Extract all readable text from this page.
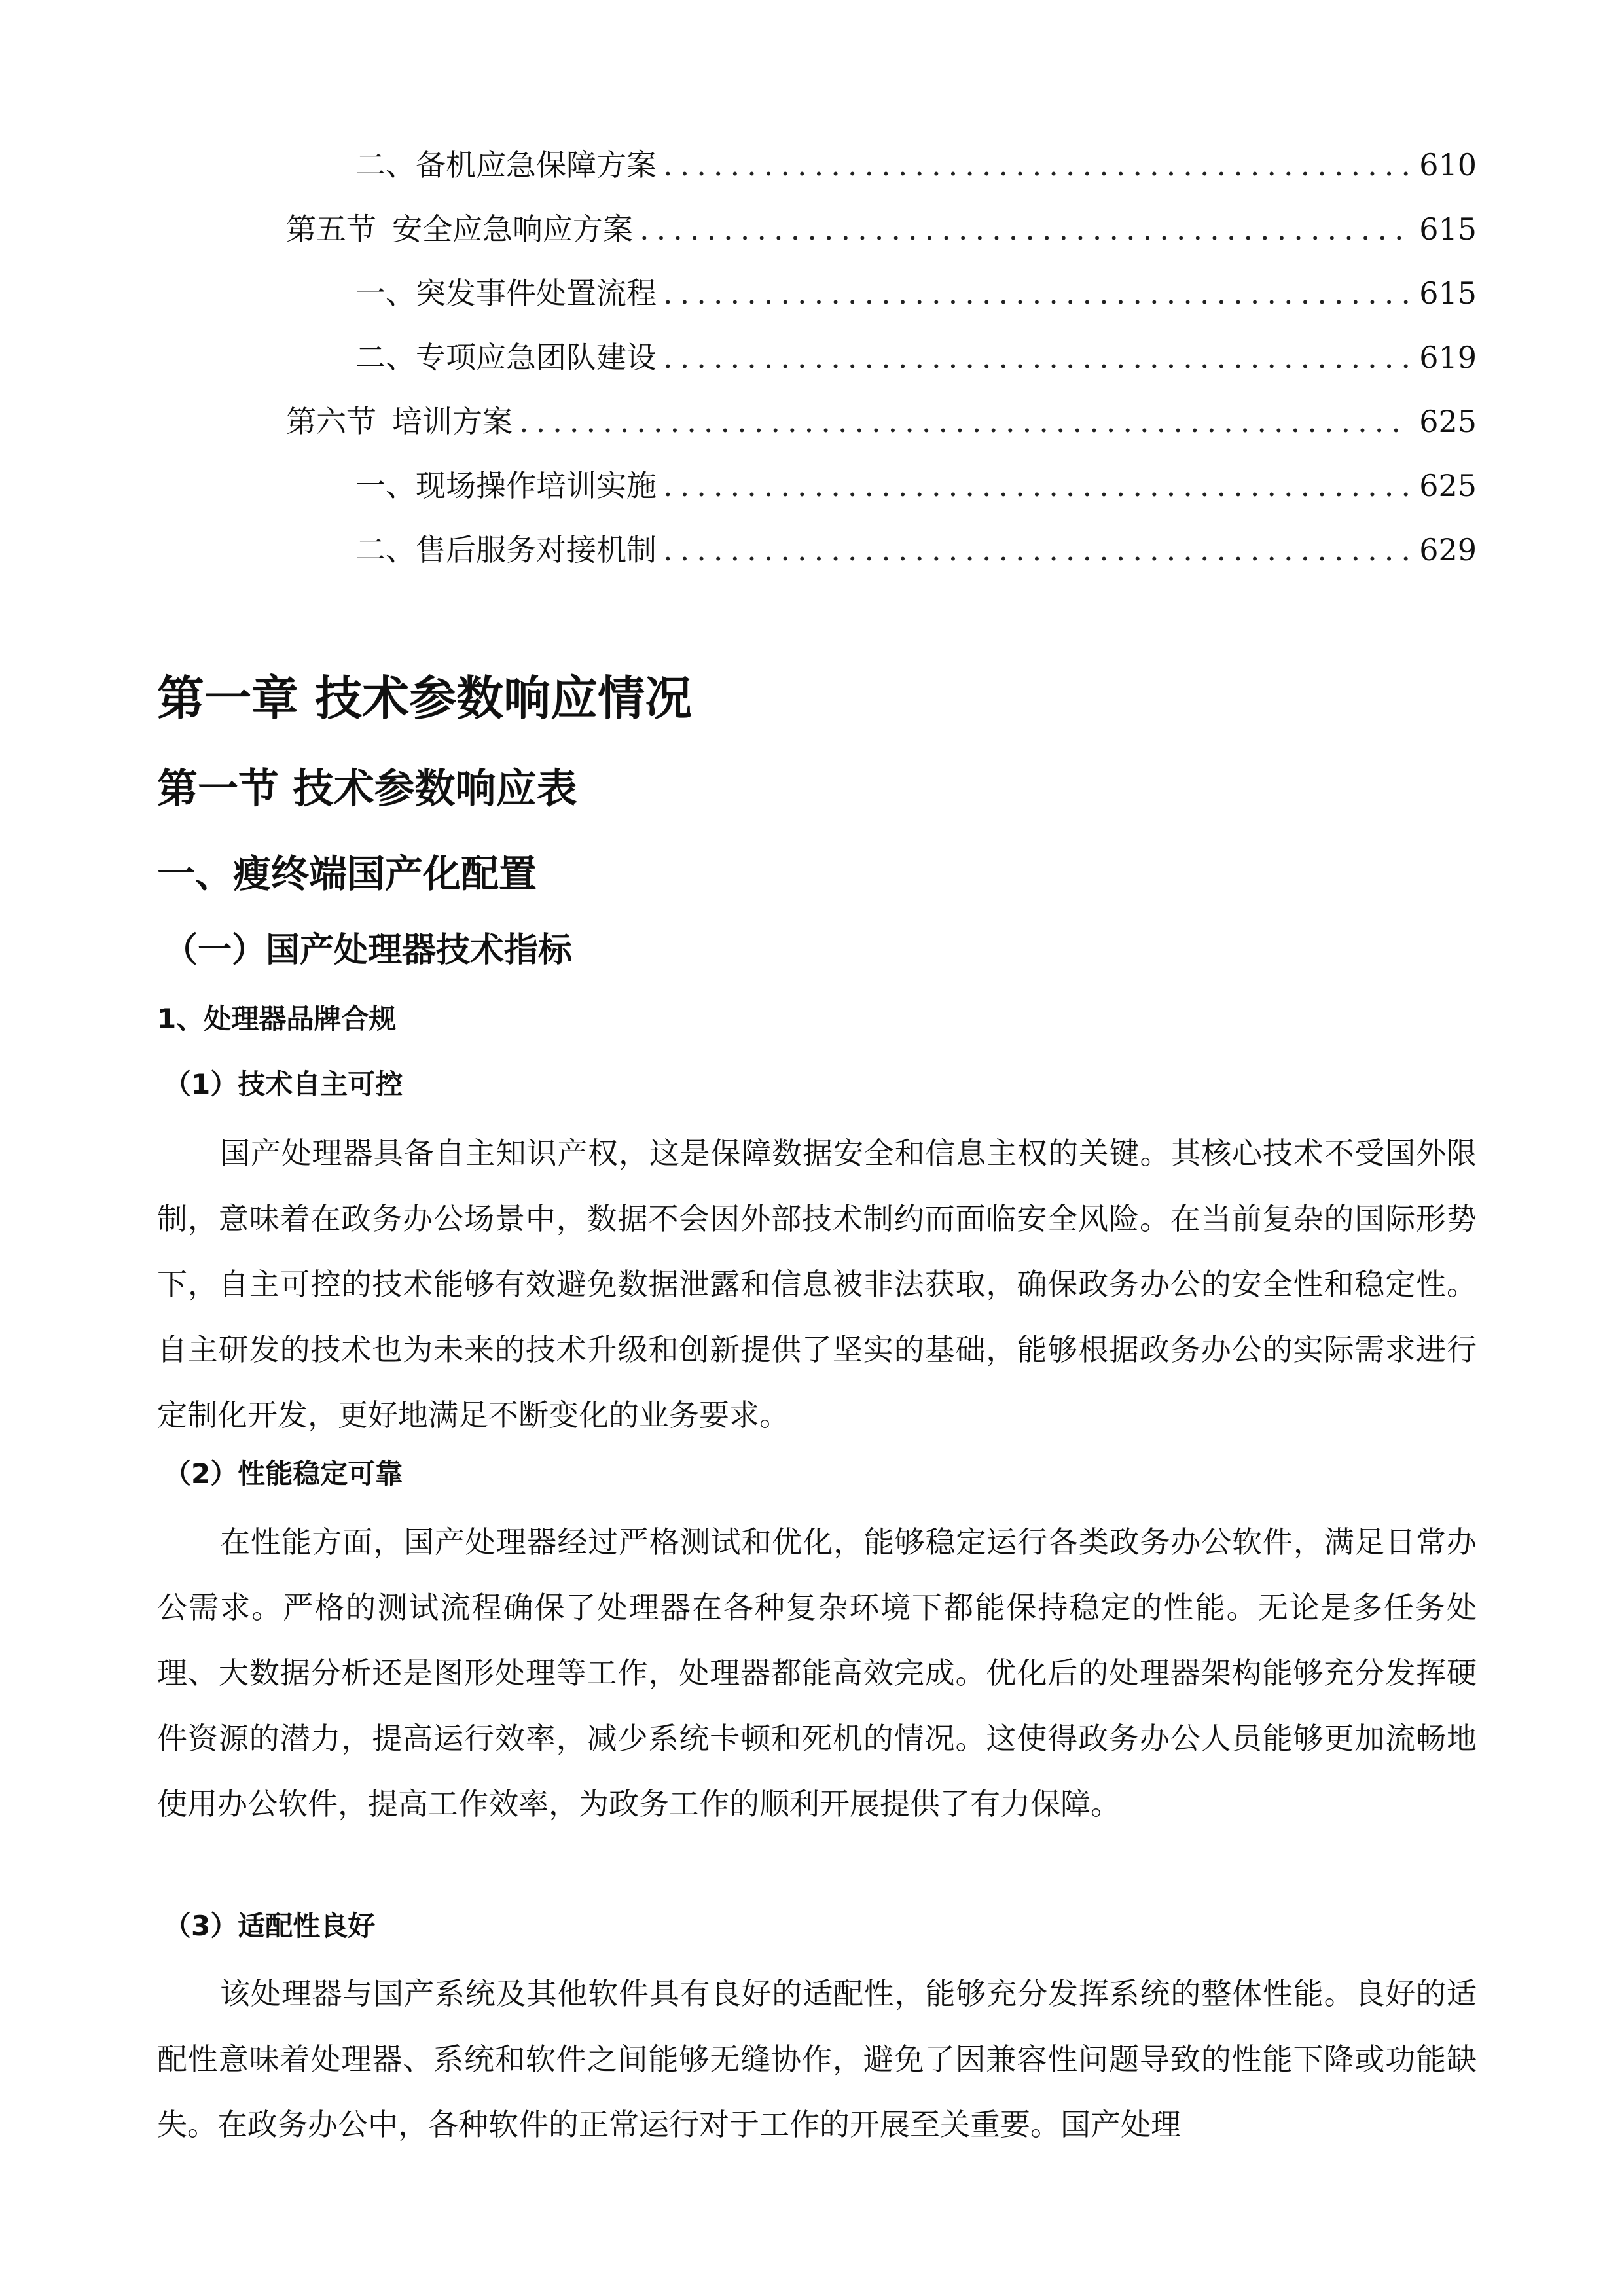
二、 备机应急保障方案 .....	610
第五节 安全应急响应方案 .....	615
一、 突发事件处置流程 .....	615
二、 专项应急团队建设 .....	619
第六节 培训方案 .....	625
一、 现场操作培训实施 .....	625
二、 售后服务对接机制 .....	629
第一章 技术参数响应情况
第一节 技术参数响应表
一、瘦终端国产化配置
（一）国产处理器技术指标
1、处理器品牌合规
（1）技术自主可控
国产处理器具备自主知识产权，这是保障数据安全和信息主权的关键。其核心技术不受国外限制，意味着在政务办公场景中，数据不会因外部技术制约而面临安全风险。在当前复杂的国际形势下，自主可控的技术能够有效避免数据泄露和信息被非法获取，确保政务办公的安全性和稳定性。自主研发的技术也为未来的技术升级和创新提供了坚实的基础，能够根据政务办公的实际需求进行定制化开发，更好地满足不断变化的业务要求。
（2）性能稳定可靠
在性能方面，国产处理器经过严格测试和优化，能够稳定运行各类政务办公软件，满足日常办公需求。严格的测试流程确保了处理器在各种复杂环境下都能保持稳定的性能。无论是多任务处理、大数据分析还是图形处理等工作，处理器都能高效完成。优化后的处理器架构能够充分发挥硬件资源的潜力，提高运行效率，减少系统卡顿和死机的情况。这使得政务办公人员能够更加流畅地使用办公软件，提高工作效率，为政务工作的顺利开展提供了有力保障。
（3）适配性良好
该处理器与国产系统及其他软件具有良好的适配性，能够充分发挥系统的整体性能。良好的适配性意味着处理器、系统和软件之间能够无缝协作，避免了因兼容性问题导致的性能下降或功能缺失。在政务办公中，各种软件的正常运行对于工作的开展至关重要。国产处理
